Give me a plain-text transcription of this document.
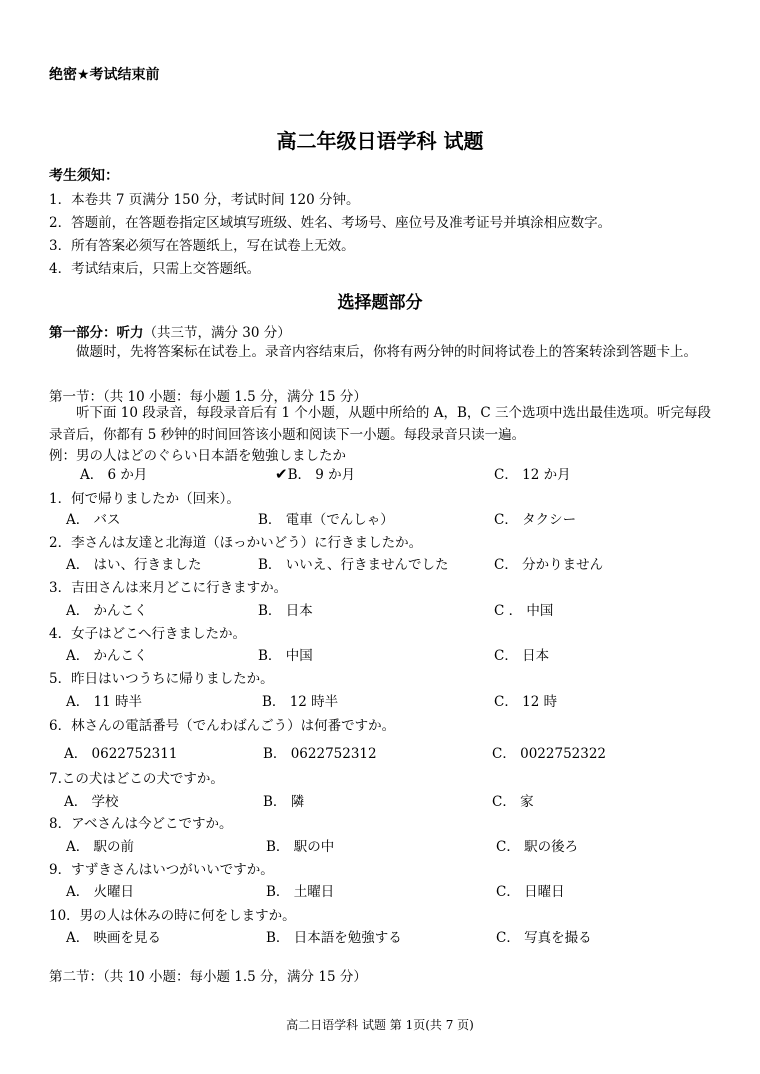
绝密★考试结束前
高二年级日语学科 试题
考生须知：
1．本卷共 7 页满分 150 分，考试时间 120 分钟。
2．答题前，在答题卷指定区域填写班级、姓名、考场号、座位号及准考证号并填涂相应数字。
3．所有答案必须写在答题纸上，写在试卷上无效。
4．考试结束后，只需上交答题纸。
选择题部分
第一部分：听力（共三节，满分 30 分）
做题时，先将答案标在试卷上。录音内容结束后，你将有两分钟的时间将试卷上的答案转涂到答题卡上。
第一节：（共 10 小题：每小题 1.5 分，满分 15 分）
听下面 10 段录音，每段录音后有 1 个小题，从题中所给的 A，B，C 三个选项中选出最佳选项。听完每段录音后，你都有 5 秒钟的时间回答该小题和阅读下一小题。每段录音只读一遍。
例：男の人はどのぐらい日本語を勉強しましたか
A． 6 か月	✔B． 9 か月	C． 12 か月
1．何で帰りましたか（回来）。
A． バス	B． 電車（でんしゃ）	C． タクシー
2．李さんは友達と北海道（ほっかいどう）に行きましたか。
A． はい、行きました	B． いいえ、行きませんでした	C． 分かりません
3．吉田さんは来月どこに行きますか。
A． かんこく	B． 日本	C ． 中国
4．女子はどこへ行きましたか。
A． かんこく	B． 中国	C． 日本
5．昨日はいつうちに帰りましたか。
A． 11 時半	B． 12 時半	C． 12 時
6．林さんの電話番号（でんわばんごう）は何番ですか。
A． 0622752311	B． 0622752312	C． 0022752322
7.この犬はどこの犬ですか。
A． 学校	B． 隣	C． 家
8．アベさんは今どこですか。
A． 駅の前	B． 駅の中	C． 駅の後ろ
9．すずきさんはいつがいいですか。
A． 火曜日	B． 土曜日	C． 日曜日
10．男の人は休みの時に何をしますか。
A． 映画を見る	B． 日本語を勉強する	C． 写真を撮る
第二节：（共 10 小题：每小题 1.5 分，满分 15 分）
高二日语学科 试题 第 1页(共 7 页)
